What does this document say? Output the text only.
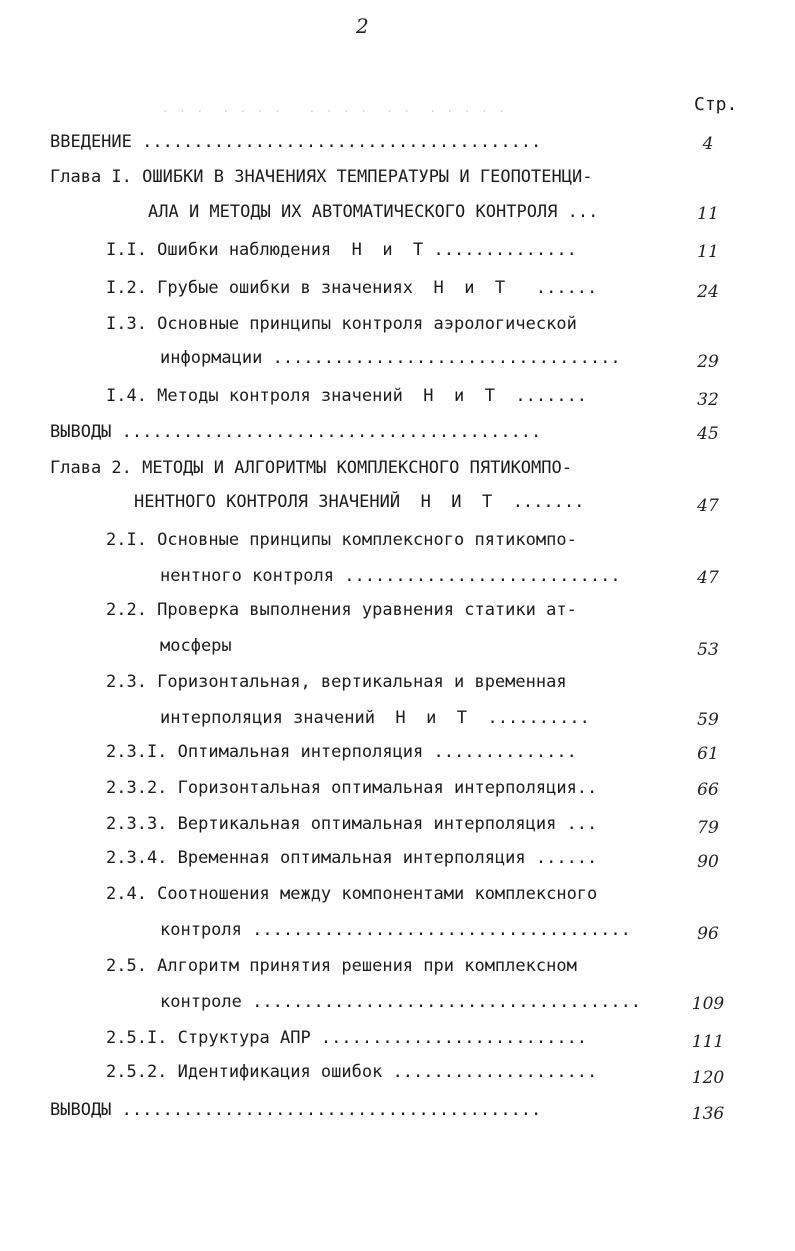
2
Стр.
. . .  . . . .   . . . .  . .  . . . . .
ВВЕДЕНИЕ .......................................	4
Глава I. ОШИБКИ В ЗНАЧЕНИЯХ ТЕМПЕРАТУРЫ И ГЕОПОТЕНЦИ-
АЛА И МЕТОДЫ ИХ АВТОМАТИЧЕСКОГО КОНТРОЛЯ ...	11
I.I. Ошибки наблюдения  Н  и  Т ..............	11
I.2. Грубые ошибки в значениях  Н  и  Т   ......	24
I.3. Основные принципы контроля аэрологической
информации ..................................	29
I.4. Методы контроля значений  Н  и  Т  .......	32
ВЫВОДЫ .........................................	45
Глава 2. МЕТОДЫ И АЛГОРИТМЫ КОМПЛЕКСНОГО ПЯТИКОМПО-
НЕНТНОГО КОНТРОЛЯ ЗНАЧЕНИЙ  Н  И  Т  .......	47
2.I. Основные принципы комплексного пятикомпо-
нентного контроля ...........................	47
2.2. Проверка выполнения уравнения статики ат-
мосферы	53
2.3. Горизонтальная, вертикальная и временная
интерполяция значений  Н  и  Т  ..........	59
2.3.I. Оптимальная интерполяция ..............	61
2.3.2. Горизонтальная оптимальная интерполяция..	66
2.3.3. Вертикальная оптимальная интерполяция ...	79
2.3.4. Временная оптимальная интерполяция ......	90
2.4. Соотношения между компонентами комплексного
контроля .....................................	96
2.5. Алгоритм принятия решения при комплексном
контроле ......................................	109
2.5.I. Структура АПР ..........................	111
2.5.2. Идентификация ошибок ....................	120
ВЫВОДЫ .........................................	136
